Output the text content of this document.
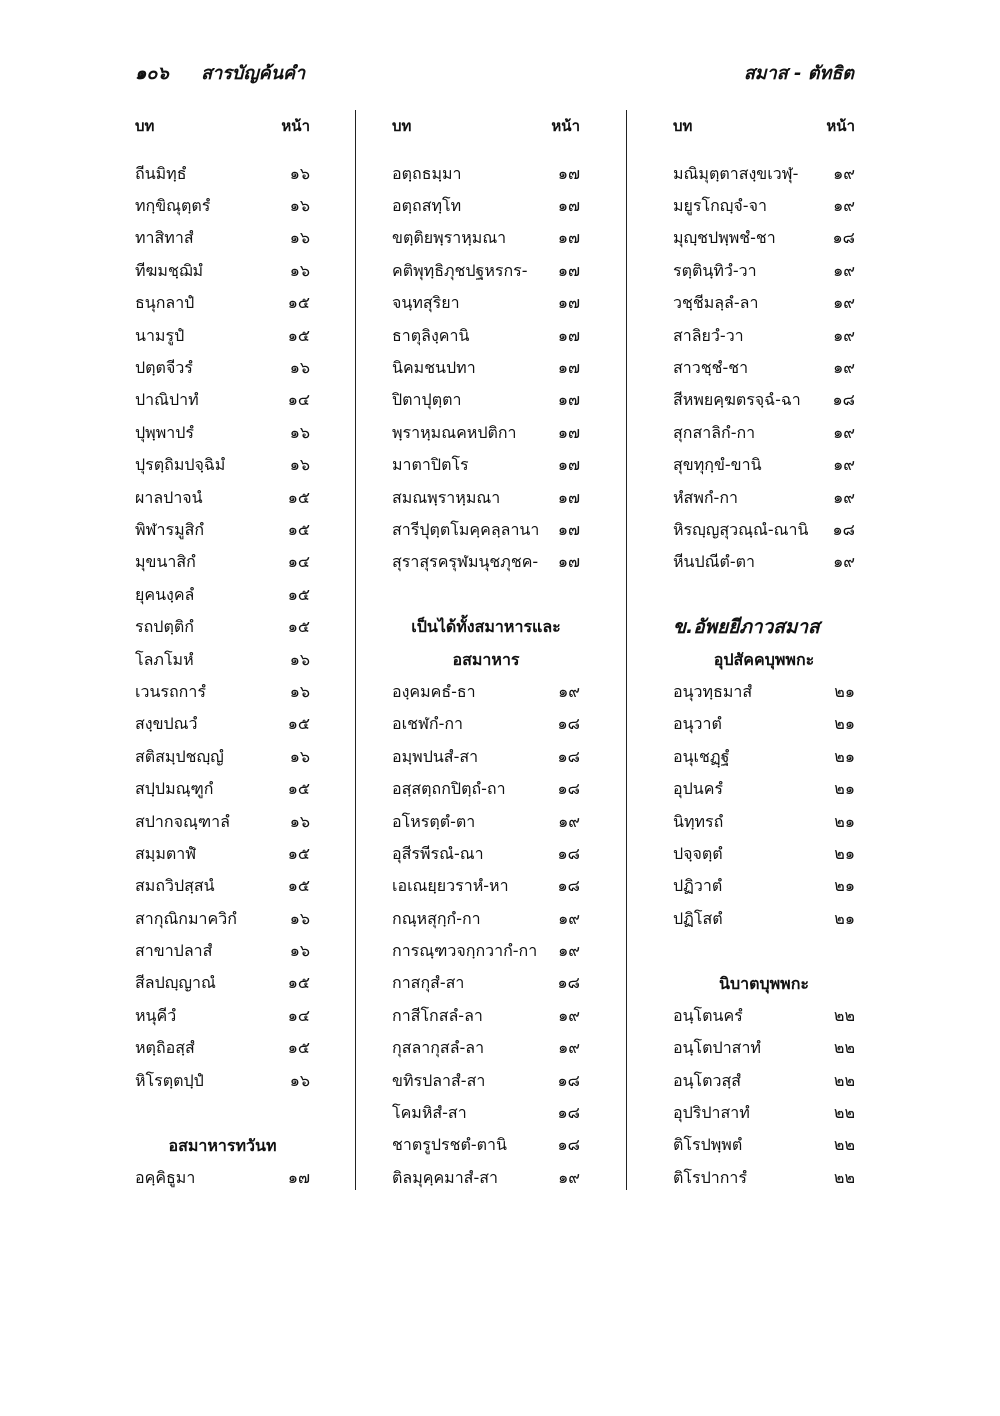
๑๐๖ สารบัญค้นคำ	สมาส - ตัทธิต
บท	หน้า
ถีนมิทฺธํ	๑๖
ทกฺขิณุตฺตรํ	๑๖
ทาสิทาสํ	๑๖
ทีฆมชฺฌิมํ	๑๖
ธนุกลาปํ	๑๕
นามรูปํ	๑๕
ปตฺตจีวรํ	๑๖
ปาณิปาทํ	๑๔
ปุพฺพาปรํ	๑๖
ปุรตฺถิมปจฺฉิมํ	๑๖
ผาลปาจนํ	๑๕
พิฬารมูสิกํ	๑๕
มุขนาสิกํ	๑๔
ยุคนงฺคลํ	๑๕
รถปตฺติกํ	๑๕
โลภโมหํ	๑๖
เวนรถการํ	๑๖
สงฺขปณวํ	๑๕
สติสมฺปชญฺญํ	๑๖
สปฺปมณฺฑูกํ	๑๕
สปากจณฺฑาลํ	๑๖
สมฺมตาฬํ	๑๕
สมถวิปสฺสนํ	๑๕
สากุณิกมาควิกํ	๑๖
สาขาปลาสํ	๑๖
สีลปญฺญาณํ	๑๕
หนุคีวํ	๑๔
หตฺถิอสฺสํ	๑๕
หิโรตฺตปฺปํ	๑๖
อสมาหารทวันท
อคฺคิธูมา	๑๗
บท	หน้า
อตฺถธมฺมา	๑๗
อตฺถสทฺโท	๑๗
ขตฺติยพฺราหฺมณา	๑๗
คติพุทฺธิภุชปฐหรกร- ๑๗
จนฺทสุริยา	๑๗
ธาตุลิงฺคานิ	๑๗
นิคมชนปทา	๑๗
ปิตาปุตฺตา	๑๗
พฺราหฺมณคหปติกา	๑๗
มาตาปิตโร	๑๗
สมณพฺราหฺมณา	๑๗
สารีปุตฺตโมคฺคลฺลานา ๑๗
สุราสุรครุฬมนุชภุชค- ๑๗
เป็นได้ทั้งสมาหารและ
อสมาหาร
องฺคมคธํ-ธา	๑๙
อเชฬกํ-กา	๑๘
อมฺพปนสํ-สา	๑๘
อสฺสตฺถกปิตฺถํ-ถา	๑๘
อโหรตฺตํ-ตา	๑๙
อุสีรพีรณํ-ณา	๑๘
เอเณยฺยวราหํ-หา	๑๘
กณฺหสุกฺกํ-กา	๑๙
การณฺฑวจกฺกวากํ-กา ๑๙
กาสกุสํ-สา	๑๘
กาสีโกสลํ-ลา	๑๙
กุสลากุสลํ-ลา	๑๙
ขทิรปลาสํ-สา	๑๘
โคมหิสํ-สา	๑๘
ชาตรูปรชตํ-ตานิ	๑๘
ติลมุคฺคมาสํ-สา	๑๙
บท	หน้า
มณิมุตฺตาสงฺขเวฬุ- ๑๙
มยูรโกญฺจํ-จา	๑๙
มุญฺชปพฺพชํ-ชา	๑๘
รตฺตินฺทิวํ-วา	๑๙
วชฺชีมลฺลํ-ลา	๑๙
สาลิยวํ-วา	๑๙
สาวชฺชํ-ชา	๑๙
สีหพยคฺฆตรจฺฉํ-ฉา ๑๘
สุกสาลิกํ-กา	๑๙
สุขทุกฺขํ-ขานิ	๑๙
หํสพกํ-กา	๑๙
หิรญฺญสุวณฺณํ-ณานิ ๑๘
หีนปณีตํ-ตา	๑๙
ข.อัพยยีภาวสมาส
อุปสัคคบุพพกะ
อนุวทฺธมาสํ	๒๑
อนุวาตํ	๒๑
อนุเชฏฺฐํ	๒๑
อุปนครํ	๒๑
นิทฺทรถํ	๒๑
ปจฺจตฺตํ	๒๑
ปฏิวาตํ	๒๑
ปฏิโสตํ	๒๑
นิบาตบุพพกะ
อนฺโตนครํ	๒๒
อนฺโตปาสาทํ	๒๒
อนฺโตวสฺสํ	๒๒
อุปริปาสาทํ	๒๒
ติโรปพฺพตํ	๒๒
ติโรปาการํ	๒๒
